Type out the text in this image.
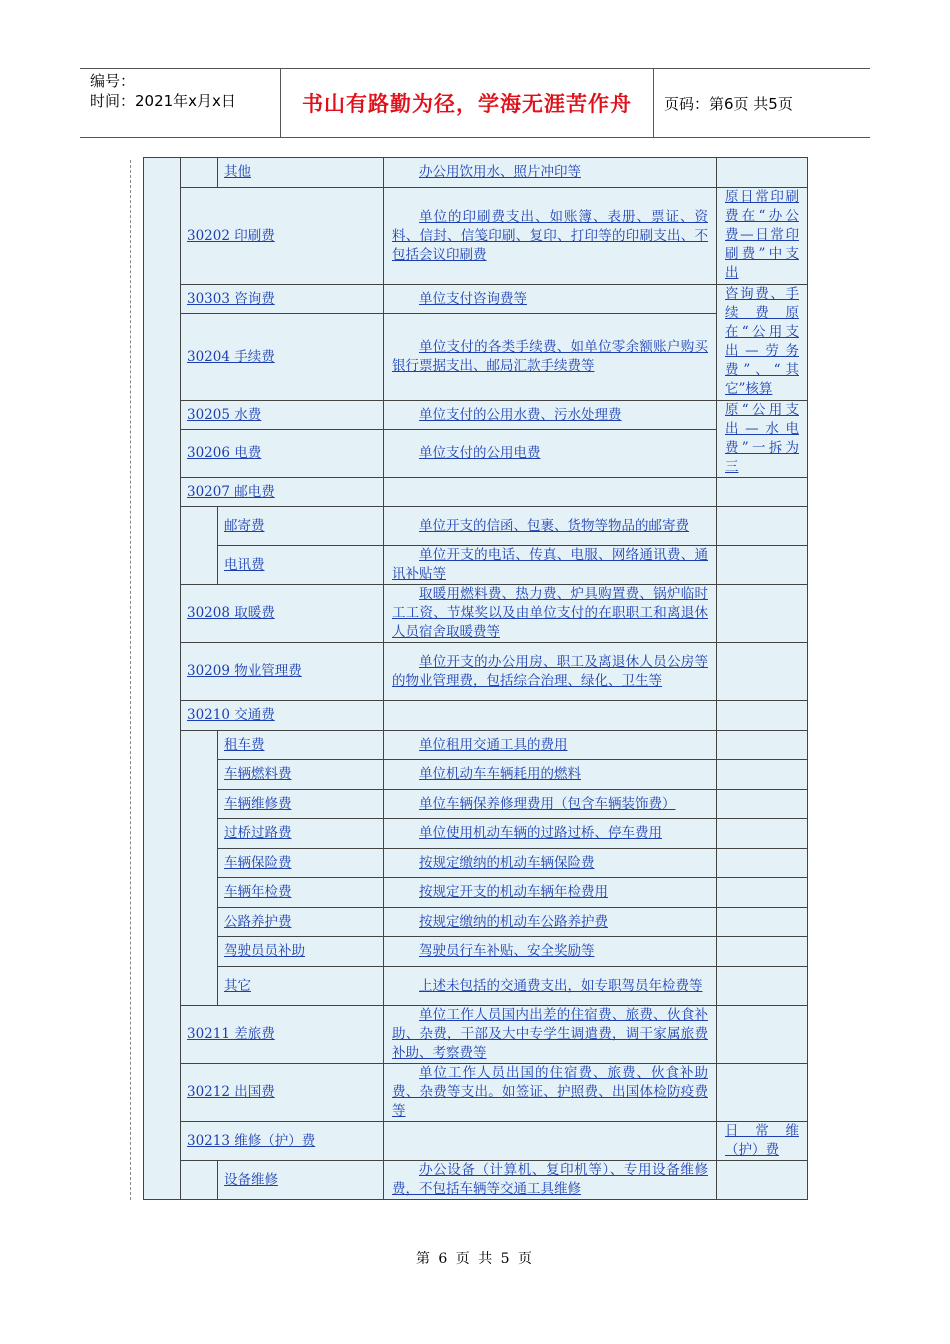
编号：
时间：2021年x月x日	书山有路勤为径，学海无涯苦作舟	页码：第6页 共5页
		其他	办公用饮用水、照片冲印等	
	30202 印刷费		单位的印刷费支出、如账簿、表册、票证、资料、信封、信笺印刷、复印、打印等的印刷支出、不包括会议印刷费	原日常印刷费在“办公费—日常印刷费”中支出
	30303 咨询费		单位支付咨询费等	咨询费、手续费原在“公用支出—劳务费”、“其它”核算
	30204 手续费		单位支付的各类手续费、如单位零余额账户购买银行票据支出、邮局汇款手续费等	
	30205 水费		单位支付的公用水费、污水处理费	原“公用支出—水电费”一拆为三
	30206 电费		单位支付的公用电费	
	30207 邮电费			
		邮寄费	单位开支的信函、包裹、货物等物品的邮寄费	
		电讯费	单位开支的电话、传真、电服、网络通讯费、通讯补贴等	
	30208 取暖费		取暖用燃料费、热力费、炉具购置费、锅炉临时工工资、节煤奖以及由单位支付的在职职工和离退休人员宿舍取暖费等	
	30209 物业管理费		单位开支的办公用房、职工及离退休人员公房等的物业管理费，包括综合治理、绿化、卫生等	
	30210 交通费			
		租车费	单位租用交通工具的费用	
		车辆燃料费	单位机动车车辆耗用的燃料	
		车辆维修费	单位车辆保养修理费用（包含车辆装饰费）	
		过桥过路费	单位使用机动车辆的过路过桥、停车费用	
		车辆保险费	按规定缴纳的机动车辆保险费	
		车辆年检费	按规定开支的机动车辆年检费用	
		公路养护费	按规定缴纳的机动车公路养护费	
		驾驶员员补助	驾驶员行车补贴、安全奖励等	
		其它	上述未包括的交通费支出，如专职驾员年检费等	
	30211 差旅费		单位工作人员国内出差的住宿费、旅费、伙食补助、杂费，干部及大中专学生调遣费，调干家属旅费补助、考察费等	
	30212 出国费		单位工作人员出国的住宿费、旅费、伙食补助费、杂费等支出。如签证、护照费、出国体检防疫费等	
	30213 维修（护）费			日常维（护）费
		设备维修	办公设备（计算机、复印机等）、专用设备维修费，不包括车辆等交通工具维修	
第 6 页 共 5 页
